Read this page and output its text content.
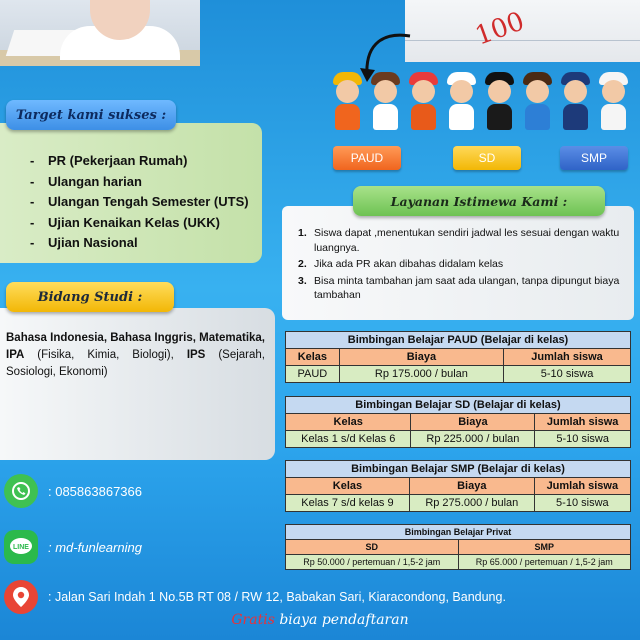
100
PAUD	SD	SMP
- PR (Pekerjaan Rumah)
- Ulangan harian
- Ulangan Tengah Semester (UTS)
- Ujian Kenaikan Kelas (UKK)
- Ujian Nasional
Target kami sukses :

Bahasa Indonesia, Bahasa Inggris, Matematika, IPA (Fisika, Kimia, Biologi), IPS (Sejarah, Sosiologi, Ekonomi)

Bidang Studi :
1. Siswa dapat ,menentukan sendiri jadwal les sesuai dengan waktu luangnya.
2. Jika ada PR akan dibahas didalam kelas
3. Bisa minta tambahan jam saat ada ulangan, tanpa dipungut biaya tambahan
Layanan Istimewa Kami :
Bimbingan Belajar PAUD (Belajar di kelas)		
Kelas	Biaya	Jumlah siswa
PAUD	Rp 175.000 / bulan	5-10 siswa
Bimbingan Belajar SD (Belajar di kelas)		
Kelas	Biaya	Jumlah siswa
Kelas 1 s/d Kelas 6	Rp 225.000 / bulan	5-10 siswa
Bimbingan Belajar SMP (Belajar di kelas)		
Kelas	Biaya	Jumlah siswa
Kelas 7 s/d kelas 9	Rp 275.000 / bulan	5-10 siswa
Bimbingan Belajar Privat	
SD	SMP
Rp 50.000 / pertemuan / 1,5-2 jam	Rp 65.000 / pertemuan / 1,5-2 jam
: 085863867366
LINE : md-funlearning
: Jalan Sari Indah 1 No.5B RT 08 / RW 12, Babakan Sari, Kiaracondong, Bandung.
Gratis biaya pendaftaran
